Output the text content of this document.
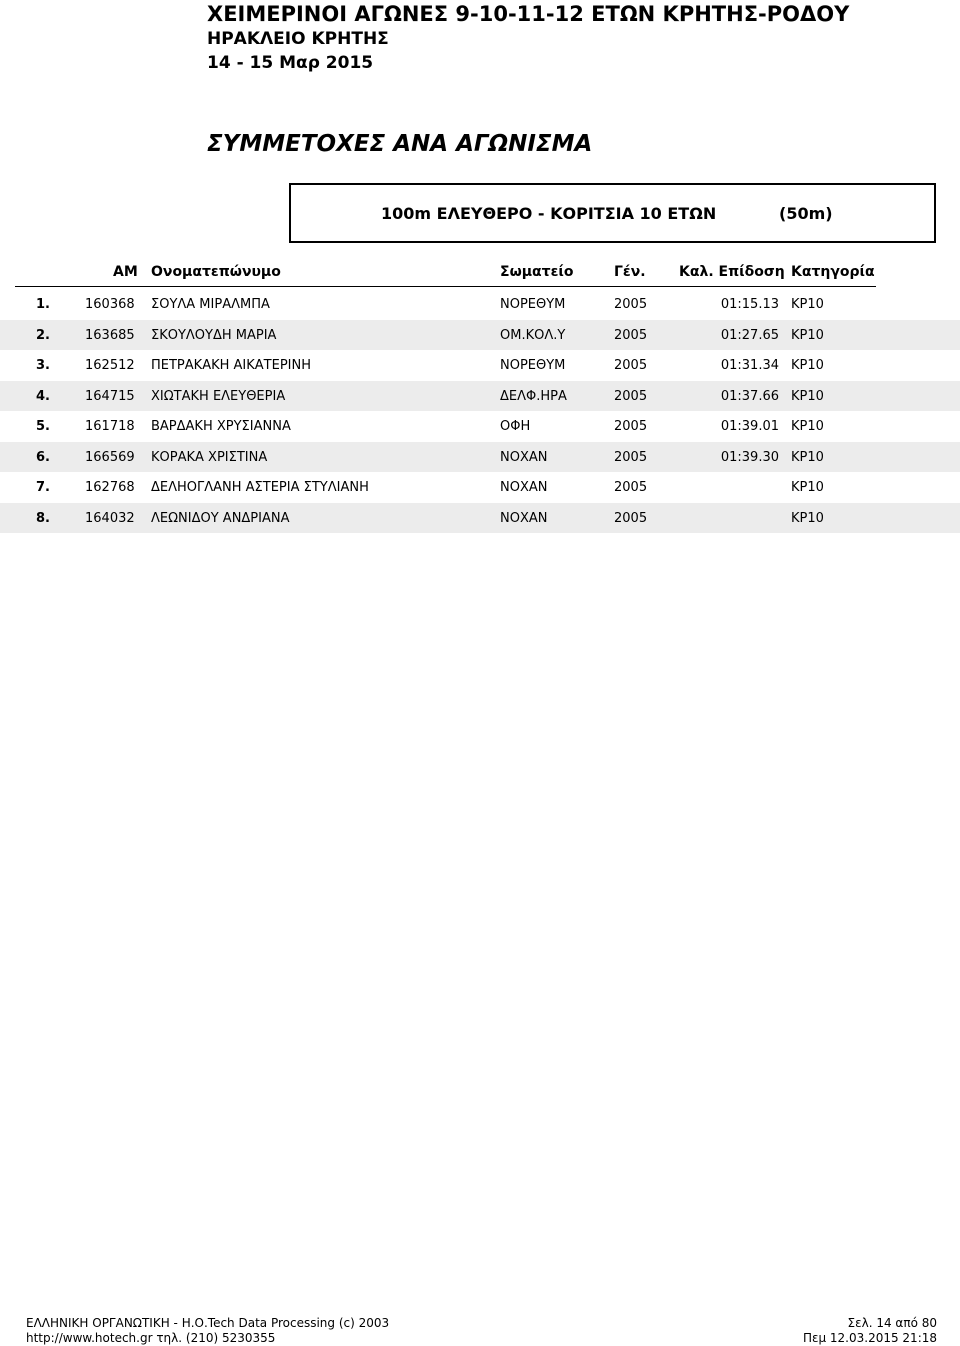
ΧΕΙΜΕΡΙΝΟΙ ΑΓΩΝΕΣ 9-10-11-12 ΕΤΩΝ ΚΡΗΤΗΣ-ΡΟΔΟΥ
ΗΡΑΚΛΕΙΟ ΚΡΗΤΗΣ
14 - 15 Μαρ 2015
ΣΥΜΜΕΤΟΧΕΣ ΑΝΑ ΑΓΩΝΙΣΜΑ
100m ΕΛΕΥΘΕΡΟ - ΚΟΡΙΤΣΙΑ 10 ΕΤΩΝ	(50m)
ΑΜ Ονοματεπώνυμο	Σωματείο	Γέν. Καλ. Επίδοση Κατηγορία
1.	160368 ΣΟΥΛΑ ΜΙΡΑΛΜΠΑ	ΝΟΡΕΘΥΜ	2005	01:15.13 ΚΡ10
2.	163685 ΣΚΟΥΛΟΥΔΗ ΜΑΡΙΑ	ΟΜ.ΚΟΛ.Υ	2005	01:27.65 ΚΡ10
3.	162512 ΠΕΤΡΑΚΑΚΗ ΑΙΚΑΤΕΡΙΝΗ	ΝΟΡΕΘΥΜ	2005	01:31.34 ΚΡ10
4.	164715 ΧΙΩΤΑΚΗ ΕΛΕΥΘΕΡΙΑ	ΔΕΛΦ.ΗΡΑ	2005	01:37.66 ΚΡ10
5.	161718 ΒΑΡΔΑΚΗ ΧΡΥΣΙΑΝΝΑ	ΟΦΗ	2005	01:39.01 ΚΡ10
6.	166569 ΚΟΡΑΚΑ ΧΡΙΣΤΙΝΑ	ΝΟΧΑΝ	2005	01:39.30 ΚΡ10
7.	162768 ΔΕΛΗΟΓΛΑΝΗ ΑΣΤΕΡΙΑ ΣΤΥΛΙΑΝΗ	ΝΟΧΑΝ	2005	ΚΡ10
8.	164032 ΛΕΩΝΙΔΟΥ ΑΝΔΡΙΑΝΑ	ΝΟΧΑΝ	2005	ΚΡ10
ΕΛΛΗΝΙΚΗ ΟΡΓΑΝΩΤΙΚΗ - Η.Ο.Tech Data Processing (c) 2003
http://www.hotech.gr τηλ. (210) 5230355
Σελ. 14 από 80
Πεμ 12.03.2015 21:18
